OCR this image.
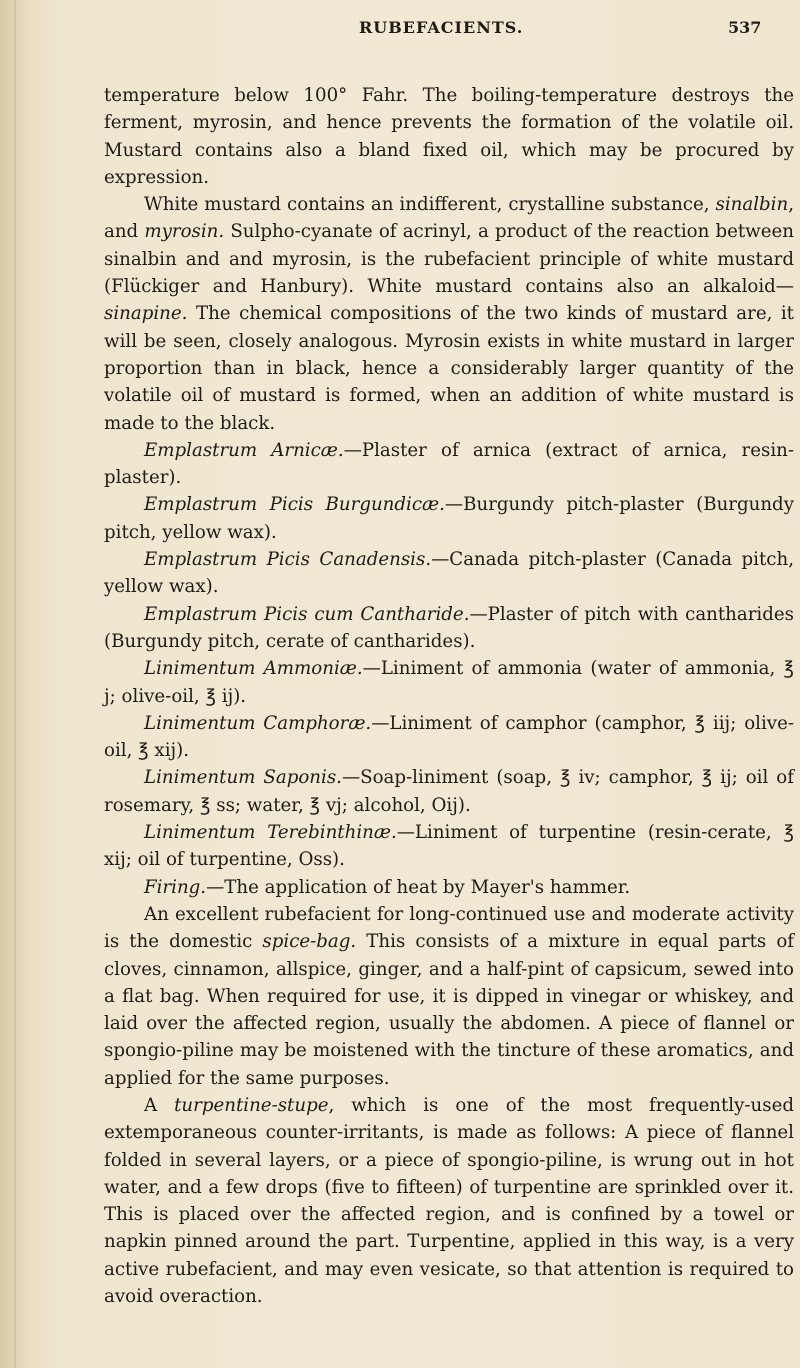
RUBEFACIENTS.	537

temperature below 100° Fahr. The boiling-temperature destroys the ferment, myrosin, and hence prevents the formation of the volatile oil. Mustard contains also a bland fixed oil, which may be procured by expression.

White mustard contains an indifferent, crystalline substance, sinalbin, and myrosin. Sulpho-cyanate of acrinyl, a product of the reaction between sinalbin and and myrosin, is the rubefacient principle of white mustard (Flückiger and Hanbury). White mustard contains also an alkaloid—sinapine. The chemical compositions of the two kinds of mustard are, it will be seen, closely analogous. Myrosin exists in white mustard in larger proportion than in black, hence a considerably larger quantity of the volatile oil of mustard is formed, when an addition of white mustard is made to the black.

Emplastrum Arnicæ.—Plaster of arnica (extract of arnica, resin-plaster).

Emplastrum Picis Burgundicæ.—Burgundy pitch-plaster (Burgundy pitch, yellow wax).

Emplastrum Picis Canadensis.—Canada pitch-plaster (Canada pitch, yellow wax).

Emplastrum Picis cum Cantharide.—Plaster of pitch with cantharides (Burgundy pitch, cerate of cantharides).

Linimentum Ammoniæ.—Liniment of ammonia (water of ammonia, ℥ j; olive-oil, ℥ ij).

Linimentum Camphoræ.—Liniment of camphor (camphor, ℥ iij; olive-oil, ℥ xij).

Linimentum Saponis.—Soap-liniment (soap, ℥ iv; camphor, ℥ ij; oil of rosemary, ℥ ss; water, ℥ vj; alcohol, Oij).

Linimentum Terebinthinæ.—Liniment of turpentine (resin-cerate, ℥ xij; oil of turpentine, Oss).

Firing.—The application of heat by Mayer's hammer.

An excellent rubefacient for long-continued use and moderate activity is the domestic spice-bag. This consists of a mixture in equal parts of cloves, cinnamon, allspice, ginger, and a half-pint of capsicum, sewed into a flat bag. When required for use, it is dipped in vinegar or whiskey, and laid over the affected region, usually the abdomen. A piece of flannel or spongio-piline may be moistened with the tincture of these aromatics, and applied for the same purposes.

A turpentine-stupe, which is one of the most frequently-used extemporaneous counter-irritants, is made as follows: A piece of flannel folded in several layers, or a piece of spongio-piline, is wrung out in hot water, and a few drops (five to fifteen) of turpentine are sprinkled over it. This is placed over the affected region, and is confined by a towel or napkin pinned around the part. Turpentine, applied in this way, is a very active rubefacient, and may even vesicate, so that attention is required to avoid overaction.
